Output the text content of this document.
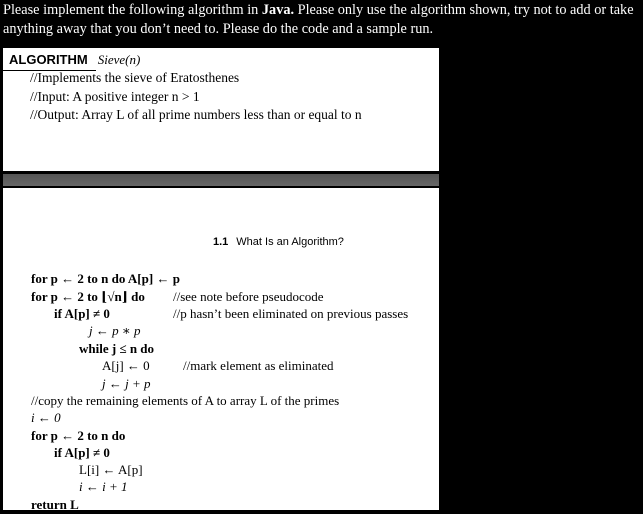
Please implement the following algorithm in Java. Please only use the algorithm shown, try not to add or take anything away that you don’t need to. Please do the code and a sample run.
ALGORITHM Sieve(n)
//Implements the sieve of Eratosthenes
//Input: A positive integer n > 1
//Output: Array L of all prime numbers less than or equal to n
1.1 What Is an Algorithm?
for p ← 2 to n do A[p] ← p
for p ← 2 to ⌊√n⌋ do //see note before pseudocode
if A[p] ≠ 0	//p hasn’t been eliminated on previous passes
j ← p ∗ p
while j ≤ n do
A[j] ← 0	//mark element as eliminated
j ← j + p
//copy the remaining elements of A to array L of the primes
i ← 0
for p ← 2 to n do
if A[p] ≠ 0
L[i] ← A[p]
i ← i + 1
return L
